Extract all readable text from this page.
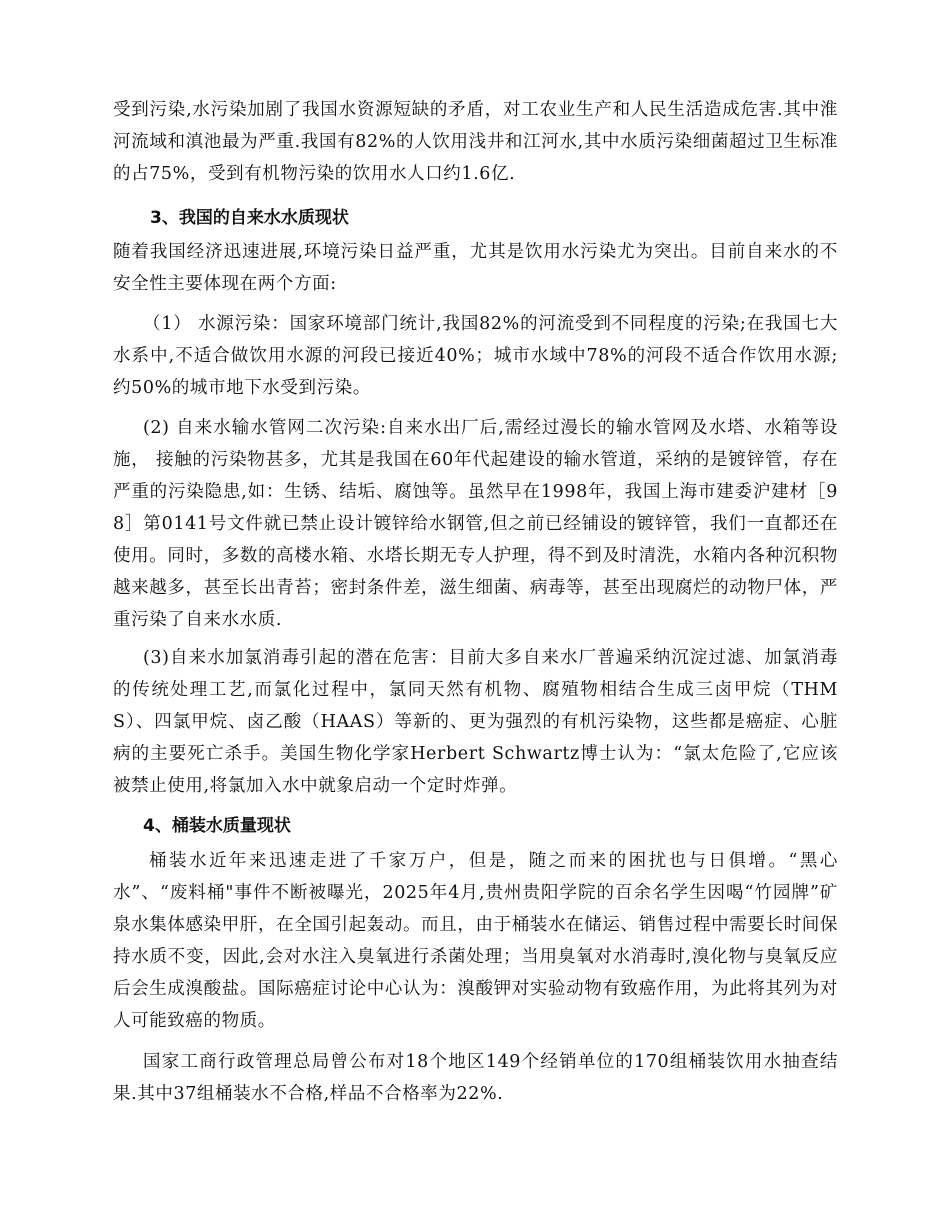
受到污染,水污染加剧了我国水资源短缺的矛盾，对工农业生产和人民生活造成危害.其中淮河流域和滇池最为严重.我国有82%的人饮用浅井和江河水,其中水质污染细菌超过卫生标准的占75%，受到有机物污染的饮用水人口约1.6亿.

3、我国的自来水水质现状

随着我国经济迅速进展,环境污染日益严重，尤其是饮用水污染尤为突出。目前自来水的不安全性主要体现在两个方面:

（1） 水源污染：国家环境部门统计,我国82%的河流受到不同程度的污染;在我国七大水系中,不适合做饮用水源的河段已接近40%；城市水域中78%的河段不适合作饮用水源;约50%的城市地下水受到污染。

(2) 自来水输水管网二次污染:自来水出厂后,需经过漫长的输水管网及水塔、水箱等设施， 接触的污染物甚多，尤其是我国在60年代起建设的输水管道，采纳的是镀锌管，存在严重的污染隐患,如：生锈、结垢、腐蚀等。虽然早在1998年，我国上海市建委沪建材［98］第0141号文件就已禁止设计镀锌给水钢管,但之前已经铺设的镀锌管，我们一直都还在使用。同时，多数的高楼水箱、水塔长期无专人护理，得不到及时清洗，水箱内各种沉积物越来越多，甚至长出青苔；密封条件差，滋生细菌、病毒等，甚至出现腐烂的动物尸体，严重污染了自来水水质.

(3)自来水加氯消毒引起的潜在危害：目前大多自来水厂普遍采纳沉淀过滤、加氯消毒的传统处理工艺,而氯化过程中，氯同天然有机物、腐殖物相结合生成三卤甲烷（THMS）、四氯甲烷、卤乙酸（HAAS）等新的、更为强烈的有机污染物，这些都是癌症、心脏病的主要死亡杀手。美国生物化学家Herbert Schwartz博士认为：“氯太危险了,它应该被禁止使用,将氯加入水中就象启动一个定时炸弹。

4、桶装水质量现状

桶装水近年来迅速走进了千家万户，但是，随之而来的困扰也与日俱增。“黑心水”、“废料桶"事件不断被曝光，2025年4月,贵州贵阳学院的百余名学生因喝“竹园牌”矿泉水集体感染甲肝，在全国引起轰动。而且，由于桶装水在储运、销售过程中需要长时间保持水质不变，因此,会对水注入臭氧进行杀菌处理；当用臭氧对水消毒时,溴化物与臭氧反应后会生成溴酸盐。国际癌症讨论中心认为：溴酸钾对实验动物有致癌作用，为此将其列为对人可能致癌的物质。

国家工商行政管理总局曾公布对18个地区149个经销单位的170组桶装饮用水抽查结果.其中37组桶装水不合格,样品不合格率为22%.
